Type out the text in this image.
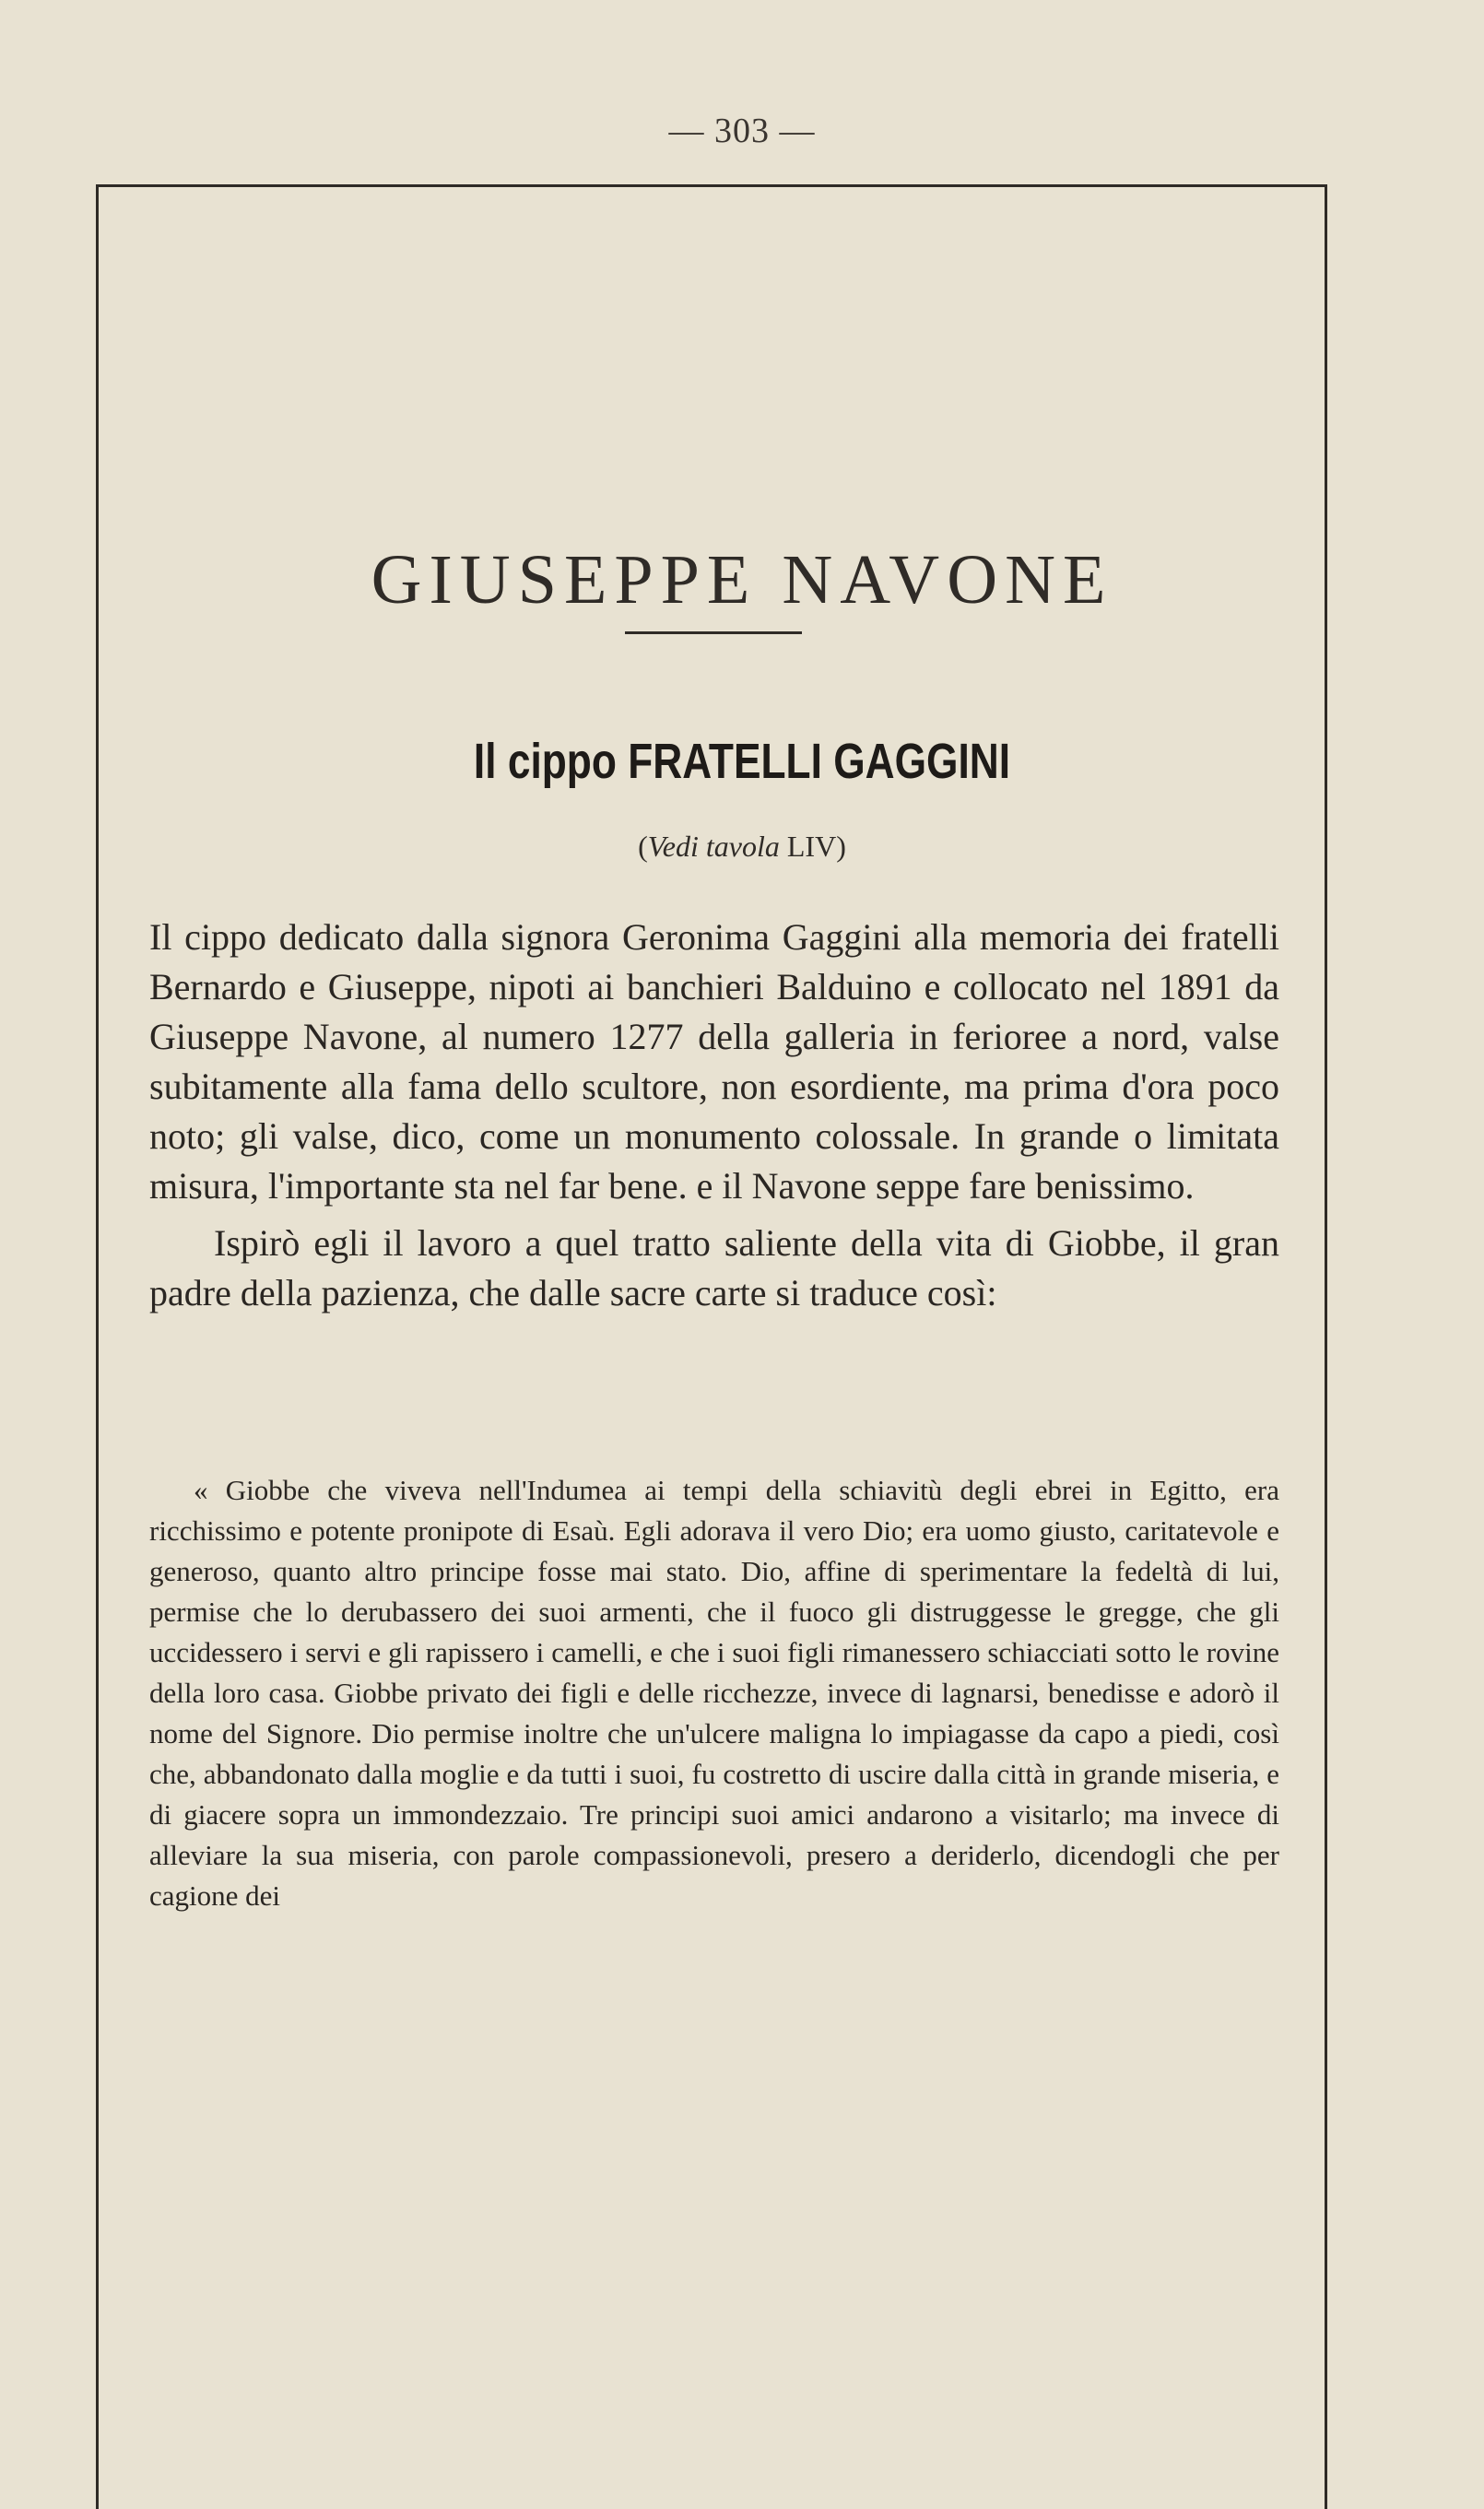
— 303 —
GIUSEPPE NAVONE
Il cippo FRATELLI GAGGINI
(Vedi tavola LIV)

Il cippo dedicato dalla signora Geronima Gaggini alla memoria dei fratelli Bernardo e Giuseppe, nipoti ai banchieri Balduino e collocato nel 1891 da Giuseppe Navone, al numero 1277 della galleria in ferioree a nord, valse subitamente alla fama dello scultore, non esordiente, ma prima d'ora poco noto; gli valse, dico, come un monumento colossale. In grande o limitata misura, l'importante sta nel far bene. e il Navone seppe fare benissimo.

Ispirò egli il lavoro a quel tratto saliente della vita di Giobbe, il gran padre della pazienza, che dalle sacre carte si traduce così:

« Giobbe che viveva nell'Indumea ai tempi della schiavitù degli ebrei in Egitto, era ricchissimo e potente pronipote di Esaù. Egli adorava il vero Dio; era uomo giusto, caritatevole e generoso, quanto altro principe fosse mai stato. Dio, affine di sperimentare la fedeltà di lui, permise che lo derubassero dei suoi armenti, che il fuoco gli distruggesse le gregge, che gli uccidessero i servi e gli rapissero i camelli, e che i suoi figli rimanessero schiacciati sotto le rovine della loro casa. Giobbe privato dei figli e delle ricchezze, invece di lagnarsi, benedisse e adorò il nome del Signore. Dio permise inoltre che un'ulcere maligna lo impiagasse da capo a piedi, così che, abbandonato dalla moglie e da tutti i suoi, fu costretto di uscire dalla città in grande miseria, e di giacere sopra un immondezzaio. Tre principi suoi amici andarono a visitarlo; ma invece di alleviare la sua miseria, con parole compassionevoli, presero a deriderlo, dicendogli che per cagione dei
